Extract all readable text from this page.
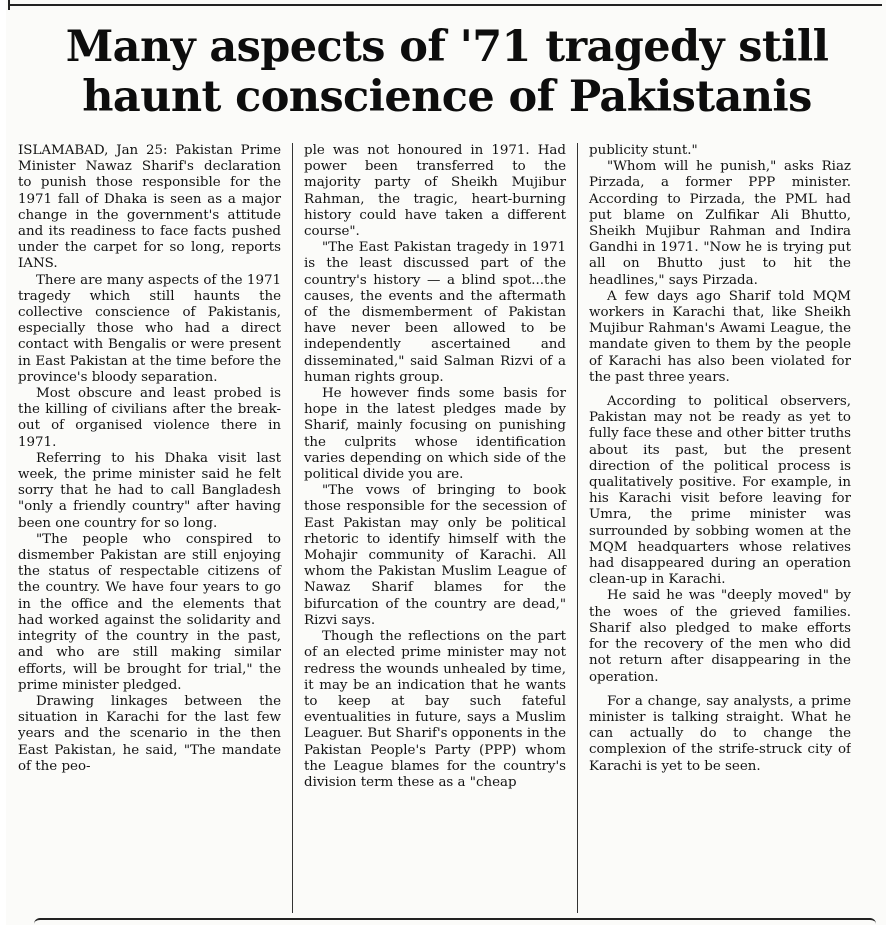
Many aspects of '71 tragedy still haunt conscience of Pakistanis

ISLAMABAD, Jan 25: Pakistan Prime Minister Nawaz Sharif's declaration to punish those responsible for the 1971 fall of Dhaka is seen as a major change in the government's attitude and its readiness to face facts pushed under the carpet for so long, reports IANS.

There are many aspects of the 1971 tragedy which still haunts the collective conscience of Pakistanis, especially those who had a direct contact with Bengalis or were present in East Pakistan at the time before the province's bloody separation.

Most obscure and least probed is the killing of civilians after the break-out of organised violence there in 1971.

Referring to his Dhaka visit last week, the prime minister said he felt sorry that he had to call Bangladesh "only a friendly country" after having been one country for so long.

"The people who conspired to dismember Pakistan are still enjoying the status of respectable citizens of the country. We have four years to go in the office and the elements that had worked against the solidarity and integrity of the country in the past, and who are still making similar efforts, will be brought for trial," the prime minister pledged.

Drawing linkages between the situation in Karachi for the last few years and the scenario in the then East Pakistan, he said, "The mandate of the peo-

ple was not honoured in 1971. Had power been transferred to the majority party of Sheikh Mujibur Rahman, the tragic, heart-burning history could have taken a different course".

"The East Pakistan tragedy in 1971 is the least discussed part of the country's history — a blind spot...the causes, the events and the aftermath of the dismemberment of Pakistan have never been allowed to be independently ascertained and disseminated," said Salman Rizvi of a human rights group.

He however finds some basis for hope in the latest pledges made by Sharif, mainly focusing on punishing the culprits whose identification varies depending on which side of the political divide you are.

"The vows of bringing to book those responsible for the secession of East Pakistan may only be political rhetoric to identify himself with the Mohajir community of Karachi. All whom the Pakistan Muslim League of Nawaz Sharif blames for the bifurcation of the country are dead," Rizvi says.

Though the reflections on the part of an elected prime minister may not redress the wounds unhealed by time, it may be an indication that he wants to keep at bay such fateful eventualities in future, says a Muslim Leaguer. But Sharif's opponents in the Pakistan People's Party (PPP) whom the League blames for the country's division term these as a "cheap

publicity stunt."

"Whom will he punish," asks Riaz Pirzada, a former PPP minister. According to Pirzada, the PML had put blame on Zulfikar Ali Bhutto, Sheikh Mujibur Rahman and Indira Gandhi in 1971. "Now he is trying put all on Bhutto just to hit the headlines," says Pirzada.

A few days ago Sharif told MQM workers in Karachi that, like Sheikh Mujibur Rahman's Awami League, the mandate given to them by the people of Karachi has also been violated for the past three years.

According to political observers, Pakistan may not be ready as yet to fully face these and other bitter truths about its past, but the present direction of the political process is qualitatively positive. For example, in his Karachi visit before leaving for Umra, the prime minister was surrounded by sobbing women at the MQM headquarters whose relatives had disappeared during an operation clean-up in Karachi.

He said he was "deeply moved" by the woes of the grieved families. Sharif also pledged to make efforts for the recovery of the men who did not return after disappearing in the operation.

For a change, say analysts, a prime minister is talking straight. What he can actually do to change the complexion of the strife-struck city of Karachi is yet to be seen.
